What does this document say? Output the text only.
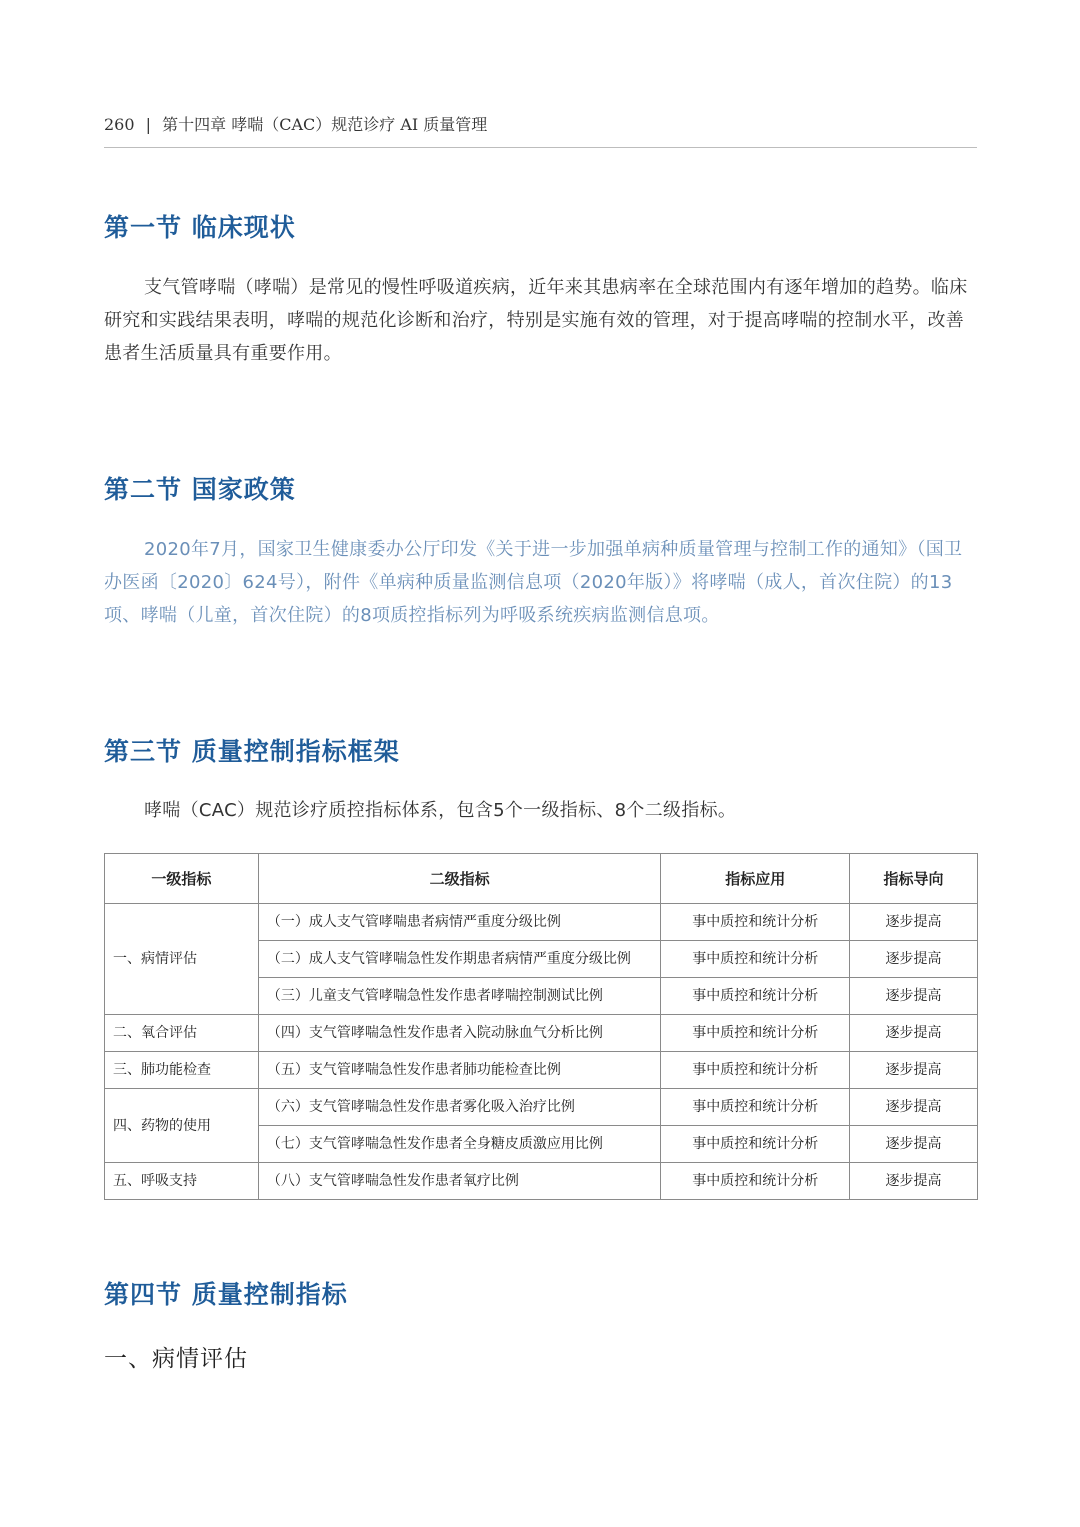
260 | 第十四章 哮喘（CAC）规范诊疗 AI 质量管理
第一节 临床现状

支气管哮喘（哮喘）是常见的慢性呼吸道疾病，近年来其患病率在全球范围内有逐年增加的趋势。临床研究和实践结果表明，哮喘的规范化诊断和治疗，特别是实施有效的管理，对于提高哮喘的控制水平，改善患者生活质量具有重要作用。

第二节 国家政策

2020年7月，国家卫生健康委办公厅印发《关于进一步加强单病种质量管理与控制工作的通知》（国卫办医函〔2020〕624号），附件《单病种质量监测信息项（2020年版）》将哮喘（成人，首次住院）的13项、哮喘（儿童，首次住院）的8项质控指标列为呼吸系统疾病监测信息项。

第三节 质量控制指标框架

哮喘（CAC）规范诊疗质控指标体系，包含5个一级指标、8个二级指标。

一级指标	二级指标	指标应用	指标导向
一、病情评估	（一）成人支气管哮喘患者病情严重度分级比例	事中质控和统计分析	逐步提高
	（二）成人支气管哮喘急性发作期患者病情严重度分级比例	事中质控和统计分析	逐步提高
	（三）儿童支气管哮喘急性发作患者哮喘控制测试比例	事中质控和统计分析	逐步提高
二、氧合评估	（四）支气管哮喘急性发作患者入院动脉血气分析比例	事中质控和统计分析	逐步提高
三、肺功能检查	（五）支气管哮喘急性发作患者肺功能检查比例	事中质控和统计分析	逐步提高
四、药物的使用	（六）支气管哮喘急性发作患者雾化吸入治疗比例	事中质控和统计分析	逐步提高
	（七）支气管哮喘急性发作患者全身糖皮质激应用比例	事中质控和统计分析	逐步提高
五、呼吸支持	（八）支气管哮喘急性发作患者氧疗比例	事中质控和统计分析	逐步提高
第四节 质量控制指标
一、病情评估
